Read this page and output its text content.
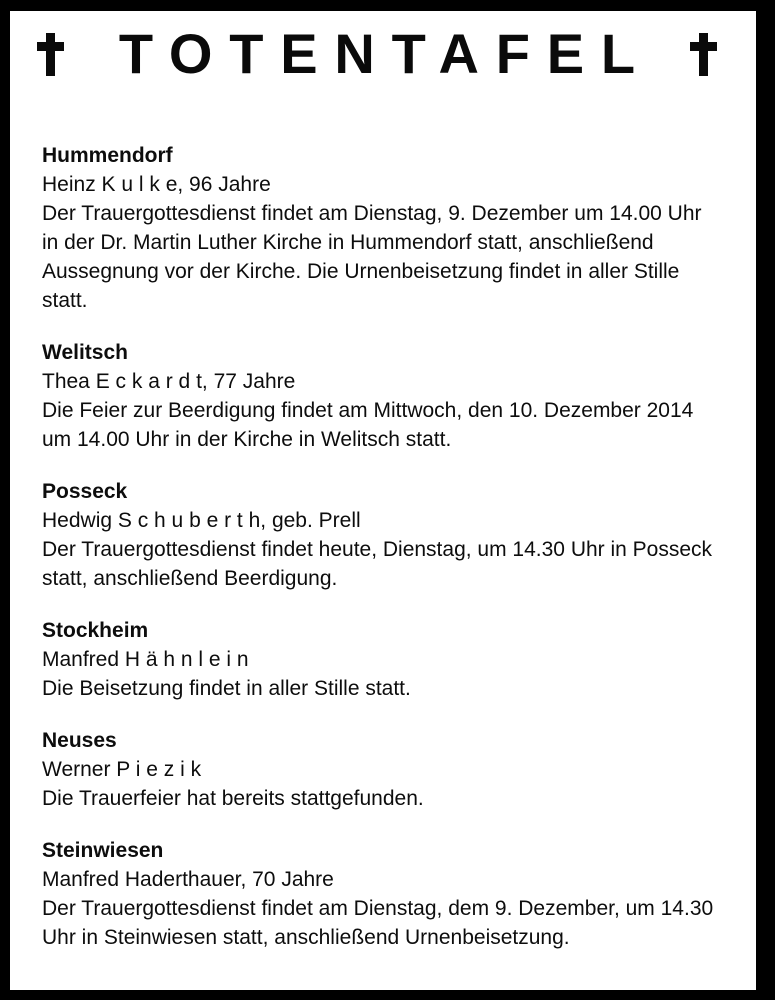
TOTENTAFEL
Hummendorf
Heinz K u l k e, 96 Jahre
Der Trauergottesdienst findet am Dienstag, 9. Dezember um 14.00 Uhr
in der Dr. Martin Luther Kirche in Hummendorf statt, anschließend
Aussegnung vor der Kirche. Die Urnenbeisetzung findet in aller Stille
statt.
Welitsch
Thea E c k a r d t, 77 Jahre
Die Feier zur Beerdigung findet am Mittwoch, den 10. Dezember 2014
um 14.00 Uhr in der Kirche in Welitsch statt.
Posseck
Hedwig S c h u b e r t h, geb. Prell
Der Trauergottesdienst findet heute, Dienstag, um 14.30 Uhr in Posseck
statt, anschließend Beerdigung.
Stockheim
Manfred H ä h n l e i n
Die Beisetzung findet in aller Stille statt.
Neuses
Werner P i e z i k
Die Trauerfeier hat bereits stattgefunden.
Steinwiesen
Manfred Haderthauer, 70 Jahre
Der Trauergottesdienst findet am Dienstag, dem 9. Dezember, um 14.30
Uhr in Steinwiesen statt, anschließend Urnenbeisetzung.
